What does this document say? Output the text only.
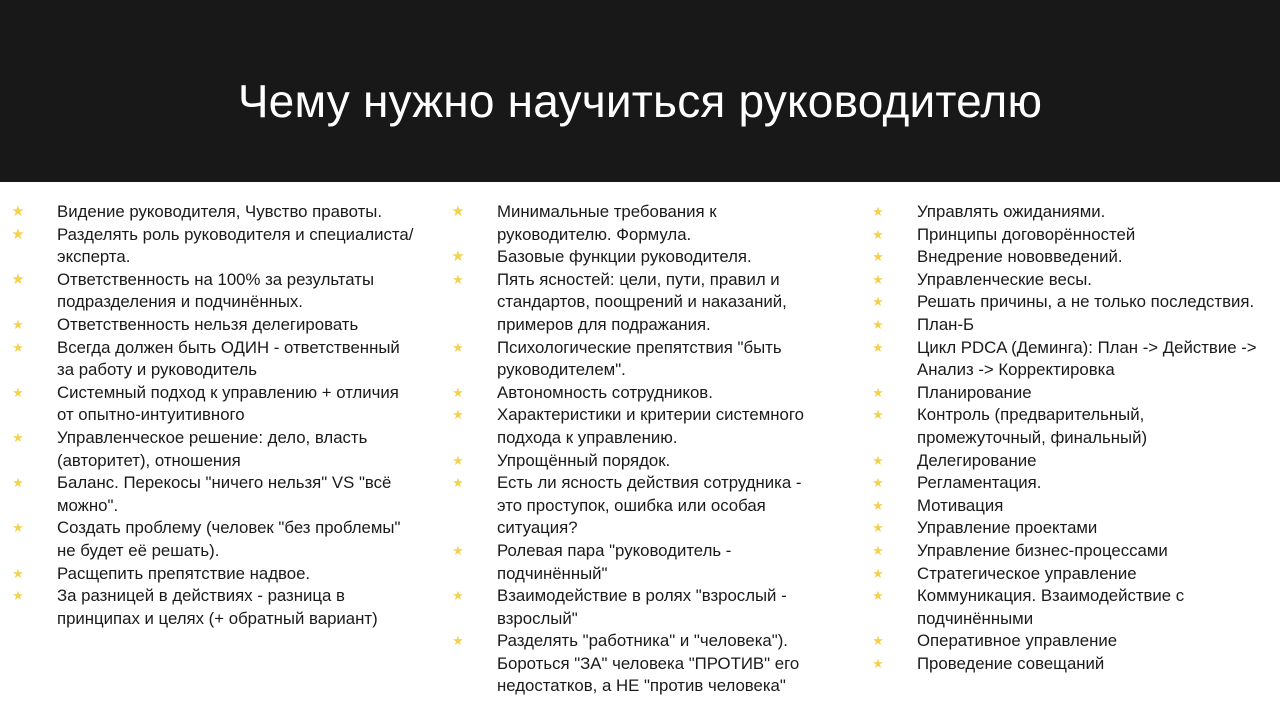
Чему нужно научиться руководителю
★ Видение руководителя, Чувство правоты.
★ Разделять роль руководителя и специалиста/эксперта.
★ Ответственность на 100% за результаты подразделения и подчинённых.
★ Ответственность нельзя делегировать
★ Всегда должен быть ОДИН - ответственный за работу и руководитель
★ Системный подход к управлению + отличия от опытно-интуитивного
★ Управленческое решение: дело, власть (авторитет), отношения
★ Баланс. Перекосы "ничего нельзя" VS "всё можно".
★ Создать проблему (человек "без проблемы" не будет её решать).
★ Расщепить препятствие надвое.
★ За разницей в действиях - разница в принципах и целях (+ обратный вариант)
★ Минимальные требования к руководителю. Формула.
★ Базовые функции руководителя.
★ Пять ясностей: цели, пути, правил и стандартов, поощрений и наказаний, примеров для подражания.
★ Психологические препятствия "быть руководителем".
★ Автономность сотрудников.
★ Характеристики и критерии системного подхода к управлению.
★ Упрощённый порядок.
★ Есть ли ясность действия сотрудника - это проступок, ошибка или особая ситуация?
★ Ролевая пара "руководитель - подчинённый"
★ Взаимодействие в ролях "взрослый - взрослый"
★ Разделять "работника" и "человека"). Бороться "ЗА" человека "ПРОТИВ" его недостатков, а НЕ "против человека"
★ Управлять ожиданиями.
★ Принципы договорённостей
★ Внедрение нововведений.
★ Управленческие весы.
★ Решать причины, а не только последствия.
★ План-Б
★ Цикл PDCA (Деминга): План -> Действие -> Анализ -> Корректировка
★ Планирование
★ Контроль (предварительный, промежуточный, финальный)
★ Делегирование
★ Регламентация.
★ Мотивация
★ Управление проектами
★ Управление бизнес-процессами
★ Стратегическое управление
★ Коммуникация. Взаимодействие с подчинёнными
★ Оперативное управление
★ Проведение совещаний
